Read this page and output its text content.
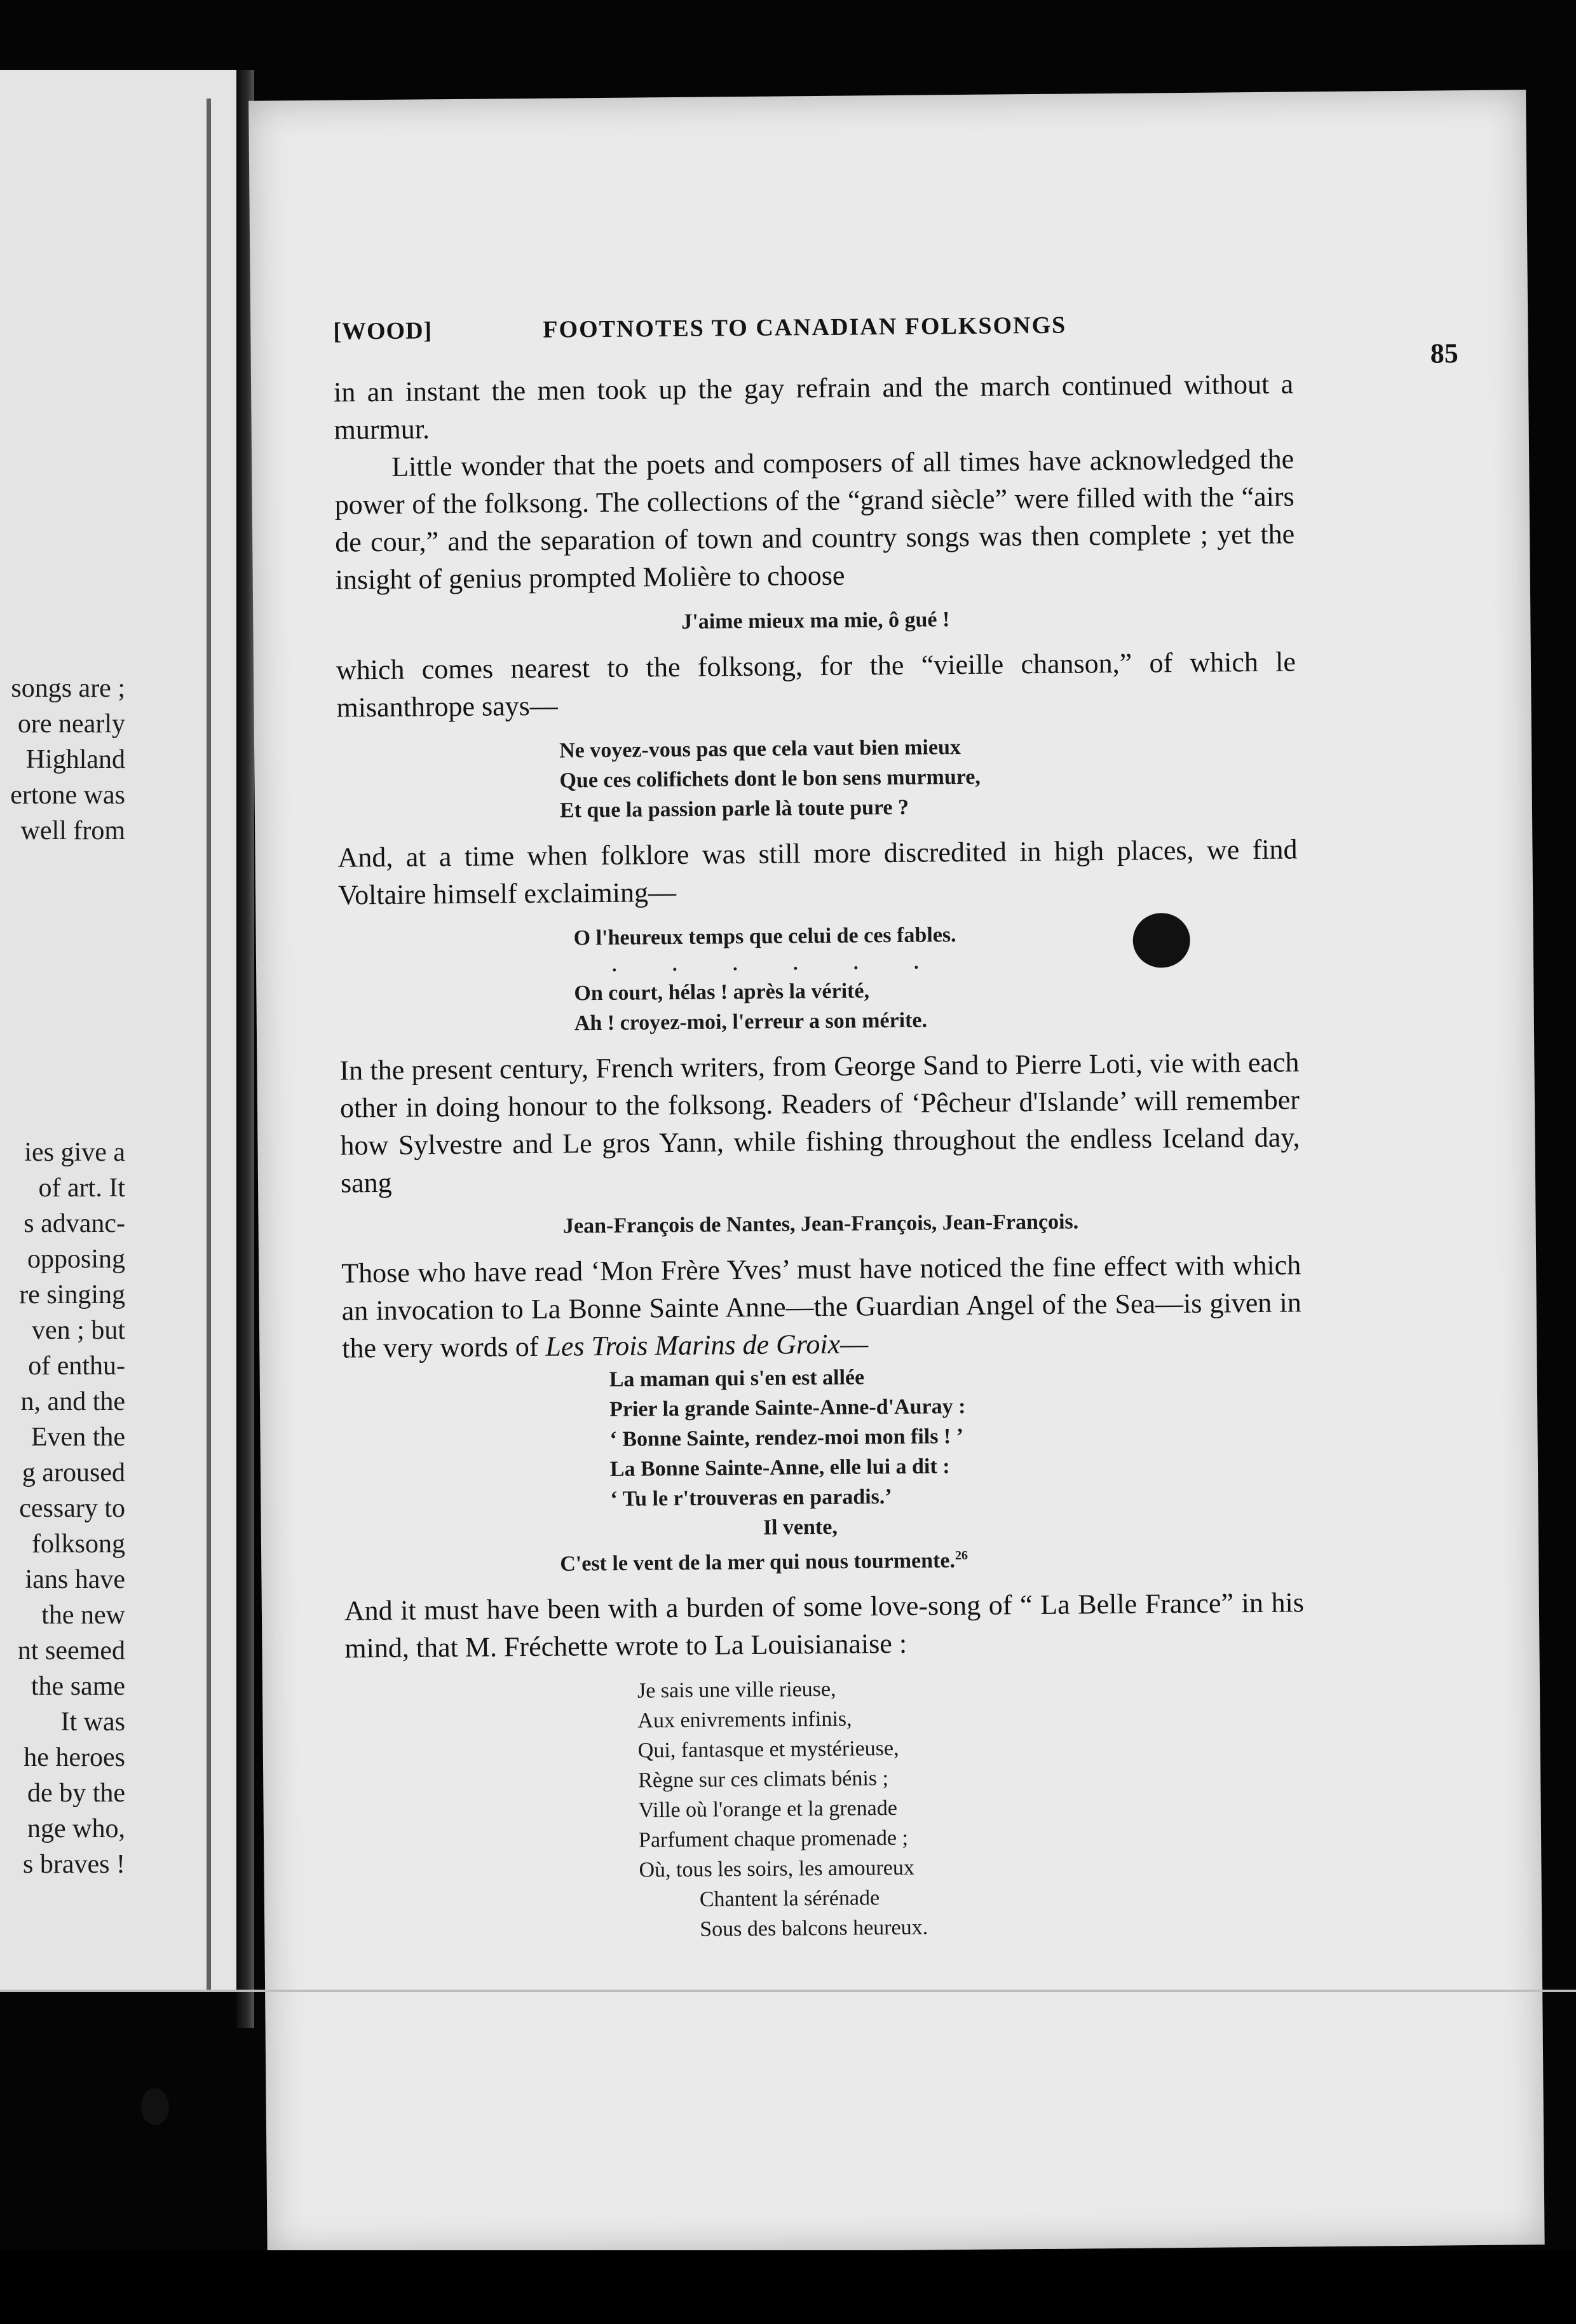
songs are ;
ore nearly
Highland
ertone was
well from
ies give a
of art. It
s advanc-
opposing
re singing
ven ; but
of enthu-
n, and the
Even the
g aroused
cessary to
folksong
ians have
the new
nt seemed
the same
It was
he heroes
de by the
nge who,
s braves !
[WOOD]	FOOTNOTES TO CANADIAN FOLKSONGS
85

in an instant the men took up the gay refrain and the march continued without a murmur.

Little wonder that the poets and composers of all times have acknowledged the power of the folksong. The collections of the “grand siècle” were filled with the “airs de cour,” and the separation of town and country songs was then complete ; yet the insight of genius prompted Molière to choose

J'aime mieux ma mie, ô gué !

which comes nearest to the folksong, for the “vieille chanson,” of which le misanthrope says—

Ne voyez-vous pas que cela vaut bien mieux
Que ces colifichets dont le bon sens murmure,
Et que la passion parle là toute pure ?

And, at a time when folklore was still more discredited in high places, we find Voltaire himself exclaiming—

O l'heureux temps que celui de ces fables.
. . . . . .
On court, hélas ! après la vérité,
Ah ! croyez-moi, l'erreur a son mérite.

In the present century, French writers, from George Sand to Pierre Loti, vie with each other in doing honour to the folksong. Readers of ‘Pêcheur d'Islande’ will remember how Sylvestre and Le gros Yann, while fishing throughout the endless Iceland day, sang

Jean-François de Nantes, Jean-François, Jean-François.

Those who have read ‘Mon Frère Yves’ must have noticed the fine effect with which an invocation to La Bonne Sainte Anne—the Guardian Angel of the Sea—is given in the very words of Les Trois Marins de Groix—

La maman qui s'en est allée
Prier la grande Sainte-Anne-d'Auray :
‘ Bonne Sainte, rendez-moi mon fils ! ’
La Bonne Sainte-Anne, elle lui a dit :
‘ Tu le r'trouveras en paradis.’
Il vente,
C'est le vent de la mer qui nous tourmente.$^{26}$

And it must have been with a burden of some love-song of “ La Belle France” in his mind, that M. Fréchette wrote to La Louisianaise :

Je sais une ville rieuse,
Aux enivrements infinis,
Qui, fantasque et mystérieuse,
Règne sur ces climats bénis ;
Ville où l'orange et la grenade
Parfument chaque promenade ;
Où, tous les soirs, les amoureux
Chantent la sérénade
Sous des balcons heureux.
